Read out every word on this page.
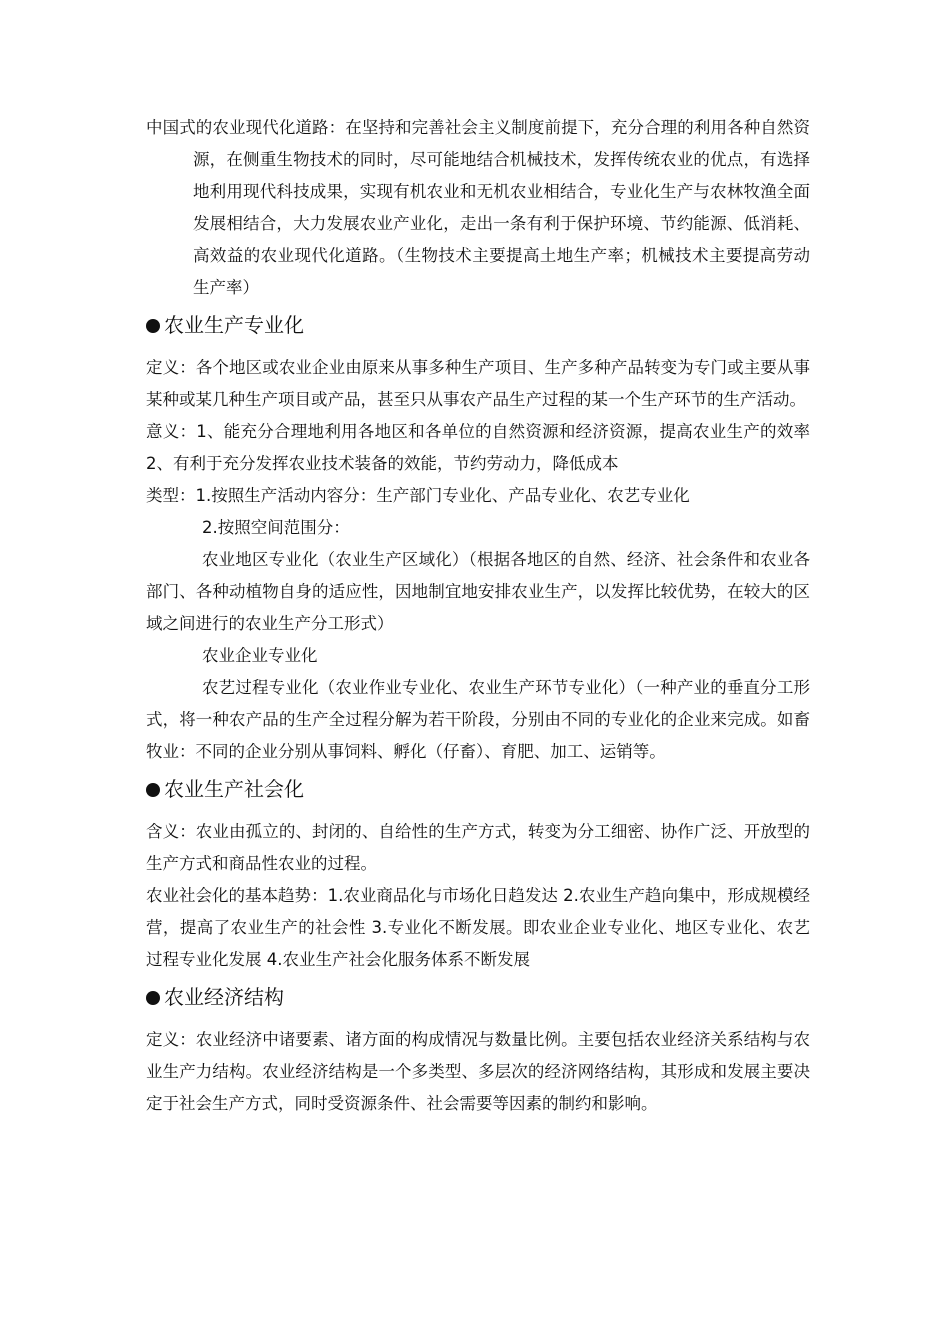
中国式的农业现代化道路：在坚持和完善社会主义制度前提下，充分合理的利用各种自然资源，在侧重生物技术的同时，尽可能地结合机械技术，发挥传统农业的优点，有选择地利用现代科技成果，实现有机农业和无机农业相结合，专业化生产与农林牧渔全面发展相结合，大力发展农业产业化，走出一条有利于保护环境、节约能源、低消耗、高效益的农业现代化道路。（生物技术主要提高土地生产率；机械技术主要提高劳动生产率）

农业生产专业化

定义：各个地区或农业企业由原来从事多种生产项目、生产多种产品转变为专门或主要从事某种或某几种生产项目或产品，甚至只从事农产品生产过程的某一个生产环节的生产活动。

意义：1、能充分合理地利用各地区和各单位的自然资源和经济资源，提高农业生产的效率 2、有利于充分发挥农业技术装备的效能，节约劳动力，降低成本

类型：1.按照生产活动内容分：生产部门专业化、产品专业化、农艺专业化

2.按照空间范围分：

农业地区专业化（农业生产区域化）（根据各地区的自然、经济、社会条件和农业各部门、各种动植物自身的适应性，因地制宜地安排农业生产，以发挥比较优势，在较大的区域之间进行的农业生产分工形式）

农业企业专业化

农艺过程专业化（农业作业专业化、农业生产环节专业化）（一种产业的垂直分工形式，将一种农产品的生产全过程分解为若干阶段，分别由不同的专业化的企业来完成。如畜牧业：不同的企业分别从事饲料、孵化（仔畜）、育肥、加工、运销等。

农业生产社会化

含义：农业由孤立的、封闭的、自给性的生产方式，转变为分工细密、协作广泛、开放型的生产方式和商品性农业的过程。

农业社会化的基本趋势：1.农业商品化与市场化日趋发达 2.农业生产趋向集中，形成规模经营，提高了农业生产的社会性 3.专业化不断发展。即农业企业专业化、地区专业化、农艺过程专业化发展 4.农业生产社会化服务体系不断发展

农业经济结构

定义：农业经济中诸要素、诸方面的构成情况与数量比例。主要包括农业经济关系结构与农业生产力结构。农业经济结构是一个多类型、多层次的经济网络结构，其形成和发展主要决定于社会生产方式，同时受资源条件、社会需要等因素的制约和影响。
